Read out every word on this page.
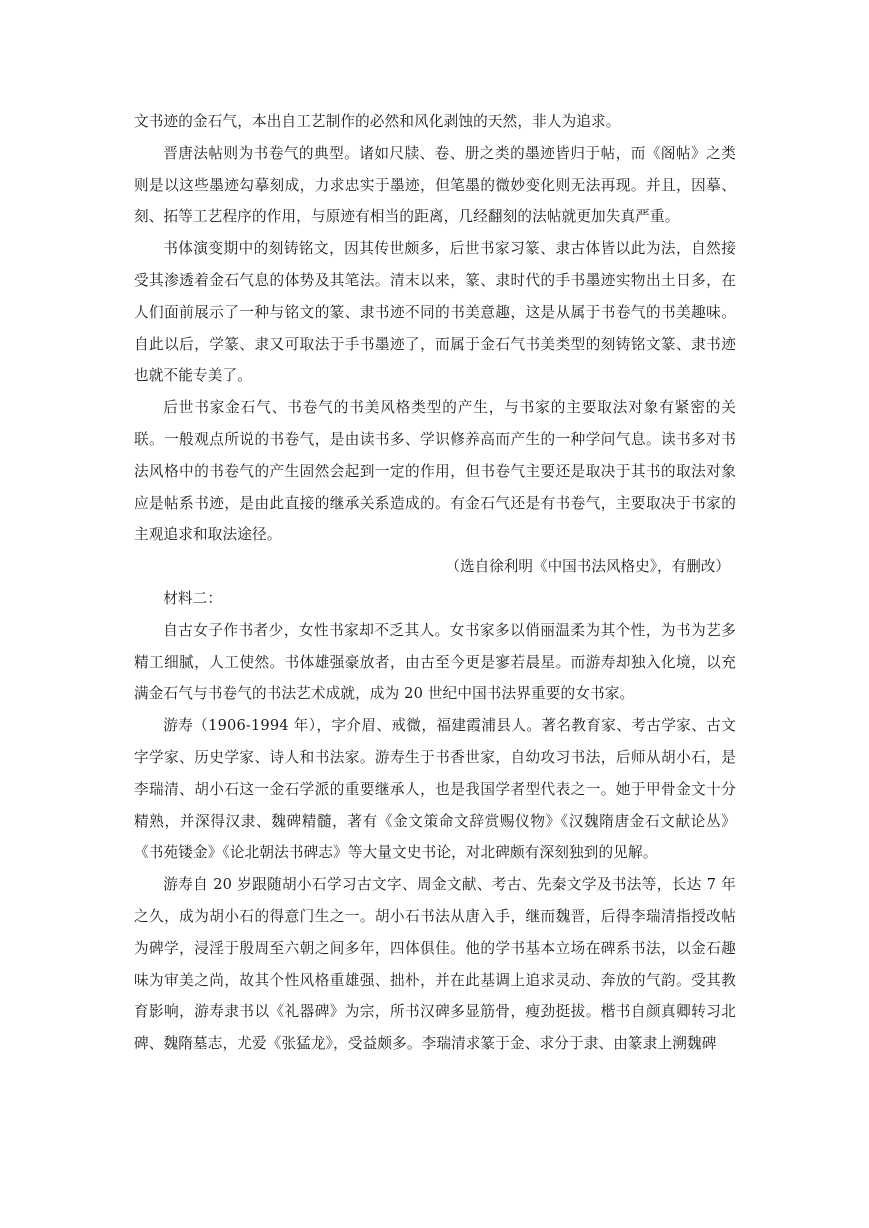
文书迹的金石气，本出自工艺制作的必然和风化剥蚀的天然，非人为追求。

晋唐法帖则为书卷气的典型。诸如尺牍、卷、册之类的墨迹皆归于帖，而《阁帖》之类则是以这些墨迹勾摹刻成，力求忠实于墨迹，但笔墨的微妙变化则无法再现。并且，因摹、刻、拓等工艺程序的作用，与原迹有相当的距离，几经翻刻的法帖就更加失真严重。

书体演变期中的刻铸铭文，因其传世颇多，后世书家习篆、隶古体皆以此为法，自然接受其渗透着金石气息的体势及其笔法。清末以来，篆、隶时代的手书墨迹实物出土日多，在人们面前展示了一种与铭文的篆、隶书迹不同的书美意趣，这是从属于书卷气的书美趣味。自此以后，学篆、隶又可取法于手书墨迹了，而属于金石气书美类型的刻铸铭文篆、隶书迹也就不能专美了。

后世书家金石气、书卷气的书美风格类型的产生，与书家的主要取法对象有紧密的关联。一般观点所说的书卷气，是由读书多、学识修养高而产生的一种学问气息。读书多对书法风格中的书卷气的产生固然会起到一定的作用，但书卷气主要还是取决于其书的取法对象应是帖系书迹，是由此直接的继承关系造成的。有金石气还是有书卷气，主要取决于书家的主观追求和取法途径。

（选自徐利明《中国书法风格史》，有删改）

材料二：

自古女子作书者少，女性书家却不乏其人。女书家多以俏丽温柔为其个性，为书为艺多精工细腻，人工使然。书体雄强豪放者，由古至今更是寥若晨星。而游寿却独入化境，以充满金石气与书卷气的书法艺术成就，成为 20 世纪中国书法界重要的女书家。

游寿（1906-1994 年），字介眉、戒微，福建霞浦县人。著名教育家、考古学家、古文字学家、历史学家、诗人和书法家。游寿生于书香世家，自幼攻习书法，后师从胡小石，是李瑞清、胡小石这一金石学派的重要继承人，也是我国学者型代表之一。她于甲骨金文十分精熟，并深得汉隶、魏碑精髓，著有《金文策命文辞赏赐仪物》《汉魏隋唐金石文献论丛》《书苑镂金》《论北朝法书碑志》等大量文史书论，对北碑颇有深刻独到的见解。

游寿自 20 岁跟随胡小石学习古文字、周金文献、考古、先秦文学及书法等，长达 7 年之久，成为胡小石的得意门生之一。胡小石书法从唐入手，继而魏晋，后得李瑞清指授改帖为碑学，浸淫于殷周至六朝之间多年，四体俱佳。他的学书基本立场在碑系书法，以金石趣味为审美之尚，故其个性风格重雄强、拙朴，并在此基调上追求灵动、奔放的气韵。受其教育影响，游寿隶书以《礼器碑》为宗，所书汉碑多显筋骨，瘦劲挺拔。楷书自颜真卿转习北碑、魏隋墓志，尤爱《张猛龙》，受益颇多。李瑞清求篆于金、求分于隶、由篆隶上溯魏碑
